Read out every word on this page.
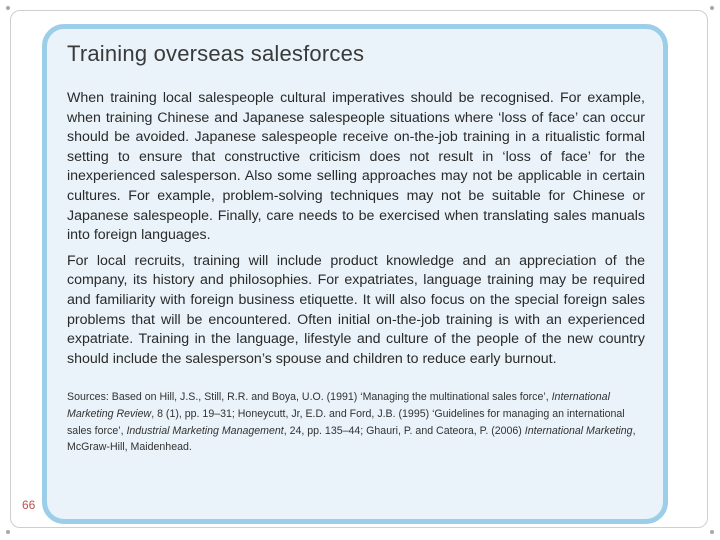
Training overseas salesforces

When training local salespeople cultural imperatives should be recognised. For example, when training Chinese and Japanese salespeople situations where ‘loss of face’ can occur should be avoided. Japanese salespeople receive on-the-job training in a ritualistic formal setting to ensure that constructive criticism does not result in ‘loss of face’ for the inexperienced salesperson. Also some selling approaches may not be applicable in certain cultures. For example, problem-solving techniques may not be suitable for Chinese or Japanese salespeople. Finally, care needs to be exercised when translating sales manuals into foreign languages.

For local recruits, training will include product knowledge and an appreciation of the company, its history and philosophies. For expatriates, language training may be required and familiarity with foreign business etiquette. It will also focus on the special foreign sales problems that will be encountered. Often initial on-the-job training is with an experienced expatriate. Training in the language, lifestyle and culture of the people of the new country should include the salesperson’s spouse and children to reduce early burnout.

Sources: Based on Hill, J.S., Still, R.R. and Boya, U.O. (1991) ‘Managing the multinational sales force’, International Marketing Review, 8 (1), pp. 19–31; Honeycutt, Jr, E.D. and Ford, J.B. (1995) ‘Guidelines for managing an international sales force’, Industrial Marketing Management, 24, pp. 135–44; Ghauri, P. and Cateora, P. (2006) International Marketing, McGraw-Hill, Maidenhead.
66
